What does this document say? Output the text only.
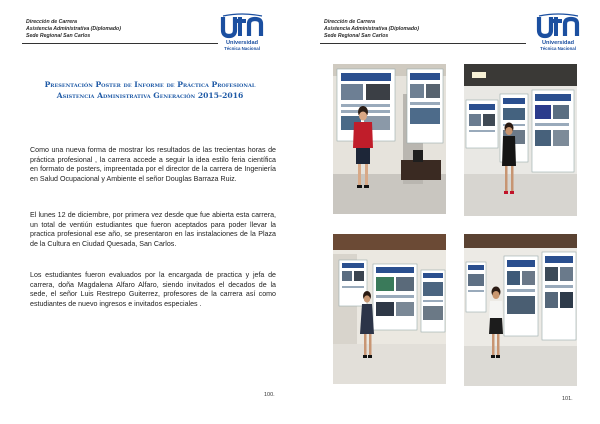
Dirección de Carrera
Asistencia Administrativa (Diplomado)
Sede Regional San Carlos
Universidad
Técnica Nacional
Presentación Poster de Informe de Práctica Profesional
Asistencia Administrativa Generación 2015-2016
Como una nueva forma de mostrar los resultados de las trecientas horas de práctica profesional , la carrera accede a seguir la idea estilo feria científica en formato de posters, impreentada por el director de la carrera de Ingeniería en Salud Ocupacional y Ambiente el señor Douglas Barraza Ruiz.
El lunes 12 de diciembre, por primera vez desde que fue abierta esta carrera, un total de ventiún estudiantes que fueron aceptados para poder llevar la practica profesional ese año, se presentaron en las instalaciones de la Plaza de la Cultura en Ciudad Quesada, San Carlos.
Los estudiantes fueron evaluados por la encargada de practica y jefa de carrera, doña Magdalena Alfaro Alfaro, siendo invitados el decados de la sede, el señor Luis Restrepo Guiterrez, profesores de la carrera así como estudiantes de nuevo ingresos e invitados especiales .
100.
Dirección de Carrera
Asistencia Administrativa (Diplomado)
Sede Regional San Carlos
Universidad
Técnica Nacional
101.
